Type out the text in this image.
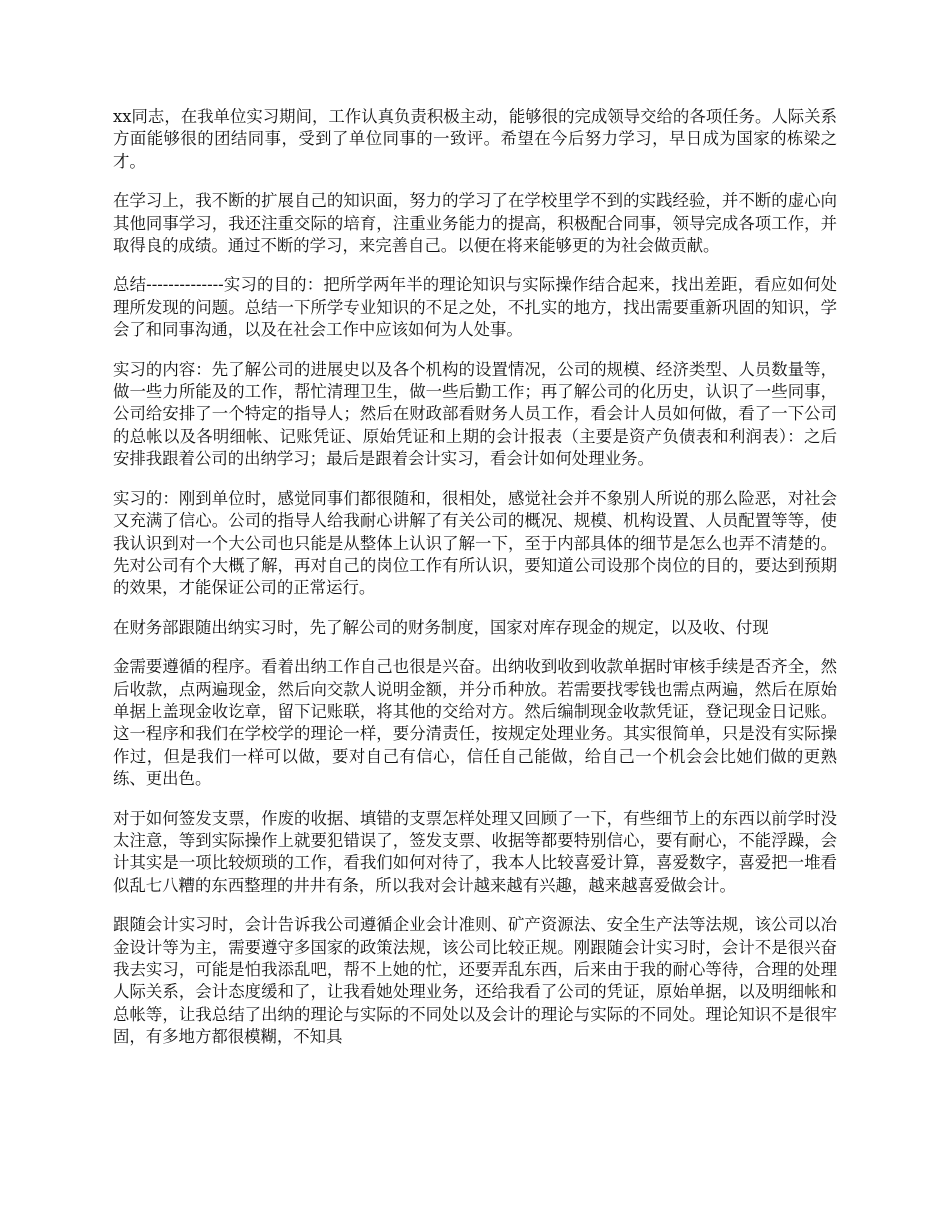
xx同志，在我单位实习期间，工作认真负责积极主动，能够很的完成领导交给的各项任务。人际关系方面能够很的团结同事，受到了单位同事的一致评。希望在今后努力学习，早日成为国家的栋梁之才。

在学习上，我不断的扩展自己的知识面，努力的学习了在学校里学不到的实践经验，并不断的虚心向其他同事学习，我还注重交际的培育，注重业务能力的提高，积极配合同事，领导完成各项工作，并取得良的成绩。通过不断的学习，来完善自己。以便在将来能够更的为社会做贡献。

总结--------------实习的目的：把所学两年半的理论知识与实际操作结合起来，找出差距，看应如何处理所发现的问题。总结一下所学专业知识的不足之处，不扎实的地方，找出需要重新巩固的知识，学会了和同事沟通，以及在社会工作中应该如何为人处事。

实习的内容：先了解公司的进展史以及各个机构的设置情况，公司的规模、经济类型、人员数量等，做一些力所能及的工作，帮忙清理卫生，做一些后勤工作；再了解公司的化历史，认识了一些同事，公司给安排了一个特定的指导人；然后在财政部看财务人员工作，看会计人员如何做，看了一下公司的总帐以及各明细帐、记账凭证、原始凭证和上期的会计报表（主要是资产负债表和利润表）：之后安排我跟着公司的出纳学习；最后是跟着会计实习，看会计如何处理业务。

实习的：刚到单位时，感觉同事们都很随和，很相处，感觉社会并不象别人所说的那么险恶，对社会又充满了信心。公司的指导人给我耐心讲解了有关公司的概况、规模、机构设置、人员配置等等，使我认识到对一个大公司也只能是从整体上认识了解一下，至于内部具体的细节是怎么也弄不清楚的。先对公司有个大概了解，再对自己的岗位工作有所认识，要知道公司设那个岗位的目的，要达到预期的效果，才能保证公司的正常运行。

在财务部跟随出纳实习时，先了解公司的财务制度，国家对库存现金的规定，以及收、付现

金需要遵循的程序。看着出纳工作自己也很是兴奋。出纳收到收到收款单据时审核手续是否齐全，然后收款，点两遍现金，然后向交款人说明金额，并分币种放。若需要找零钱也需点两遍，然后在原始单据上盖现金收讫章，留下记账联，将其他的交给对方。然后编制现金收款凭证，登记现金日记账。这一程序和我们在学校学的理论一样，要分清责任，按规定处理业务。其实很简单，只是没有实际操作过，但是我们一样可以做，要对自己有信心，信任自己能做，给自己一个机会会比她们做的更熟练、更出色。

对于如何签发支票，作废的收据、填错的支票怎样处理又回顾了一下，有些细节上的东西以前学时没太注意，等到实际操作上就要犯错误了，签发支票、收据等都要特别信心，要有耐心，不能浮躁，会计其实是一项比较烦琐的工作，看我们如何对待了，我本人比较喜爱计算，喜爱数字，喜爱把一堆看似乱七八糟的东西整理的井井有条，所以我对会计越来越有兴趣，越来越喜爱做会计。

跟随会计实习时，会计告诉我公司遵循企业会计准则、矿产资源法、安全生产法等法规，该公司以冶金设计等为主，需要遵守多国家的政策法规，该公司比较正规。刚跟随会计实习时，会计不是很兴奋我去实习，可能是怕我添乱吧，帮不上她的忙，还要弄乱东西，后来由于我的耐心等待，合理的处理人际关系，会计态度缓和了，让我看她处理业务，还给我看了公司的凭证，原始单据，以及明细帐和总帐等，让我总结了出纳的理论与实际的不同处以及会计的理论与实际的不同处。理论知识不是很牢固，有多地方都很模糊，不知具
